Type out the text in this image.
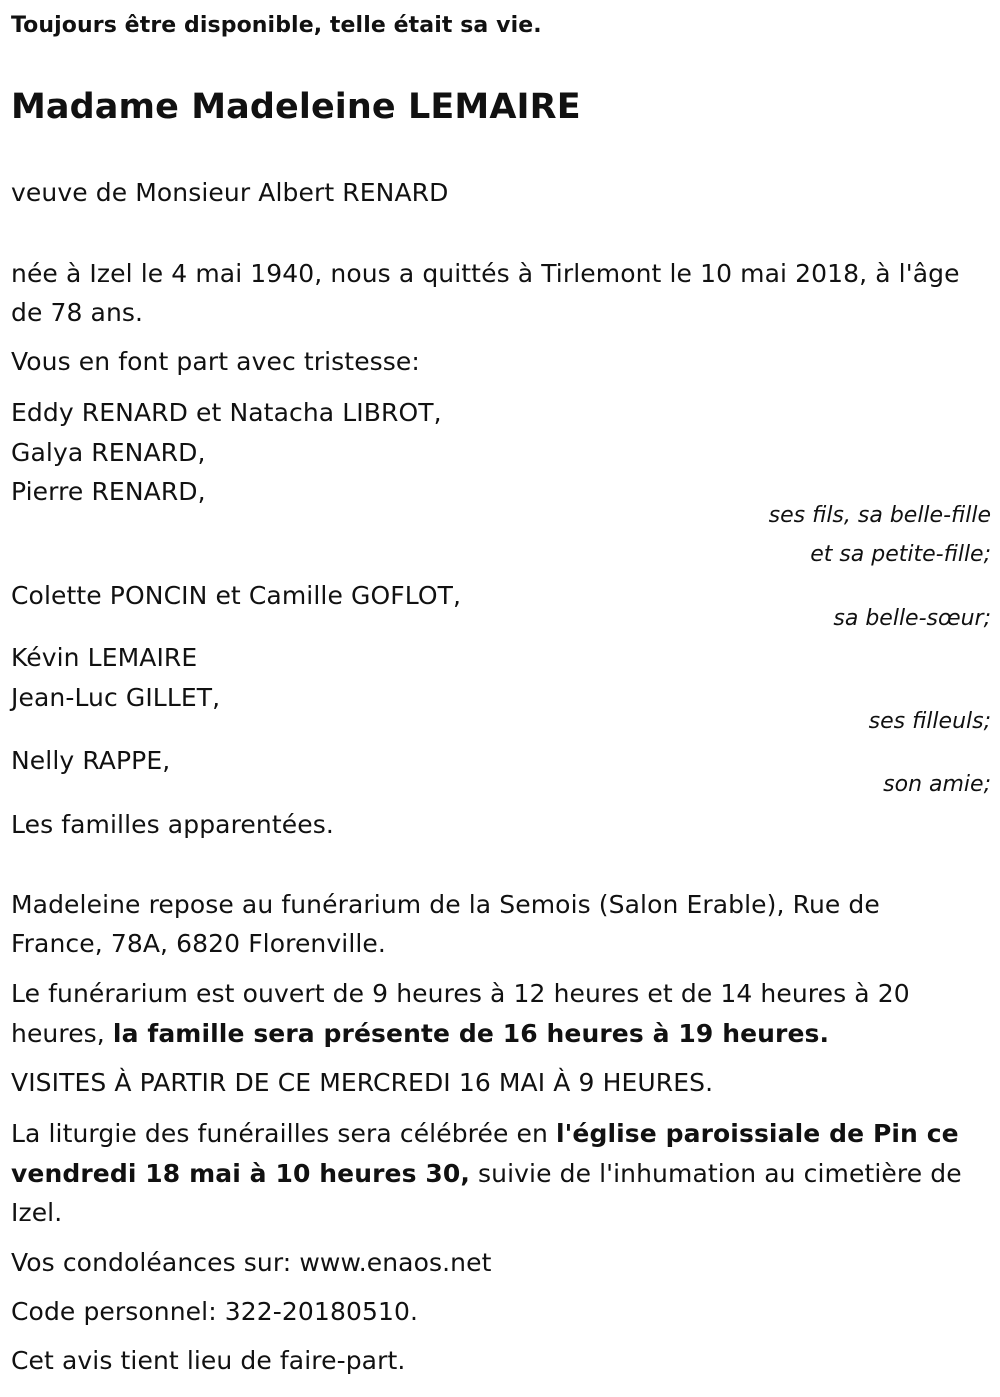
Toujours être disponible, telle était sa vie.
Madame Madeleine LEMAIRE
veuve de Monsieur Albert RENARD
née à Izel le 4 mai 1940, nous a quittés à Tirlemont le 10 mai 2018, à l'âge
de 78 ans.
Vous en font part avec tristesse:
Eddy RENARD et Natacha LIBROT,
Galya RENARD,
Pierre RENARD,
ses fils, sa belle-fille
et sa petite-fille;
Colette PONCIN et Camille GOFLOT,
sa belle-sœur;
Kévin LEMAIRE
Jean-Luc GILLET,
ses filleuls;
Nelly RAPPE,
son amie;
Les familles apparentées.
Madeleine repose au funérarium de la Semois (Salon Erable), Rue de
France, 78A, 6820 Florenville.
Le funérarium est ouvert de 9 heures à 12 heures et de 14 heures à 20
heures, la famille sera présente de 16 heures à 19 heures.
VISITES À PARTIR DE CE MERCREDI 16 MAI À 9 HEURES.
La liturgie des funérailles sera célébrée en l'église paroissiale de Pin ce
vendredi 18 mai à 10 heures 30, suivie de l'inhumation au cimetière de
Izel.
Vos condoléances sur: www.enaos.net
Code personnel: 322-20180510.
Cet avis tient lieu de faire-part.
